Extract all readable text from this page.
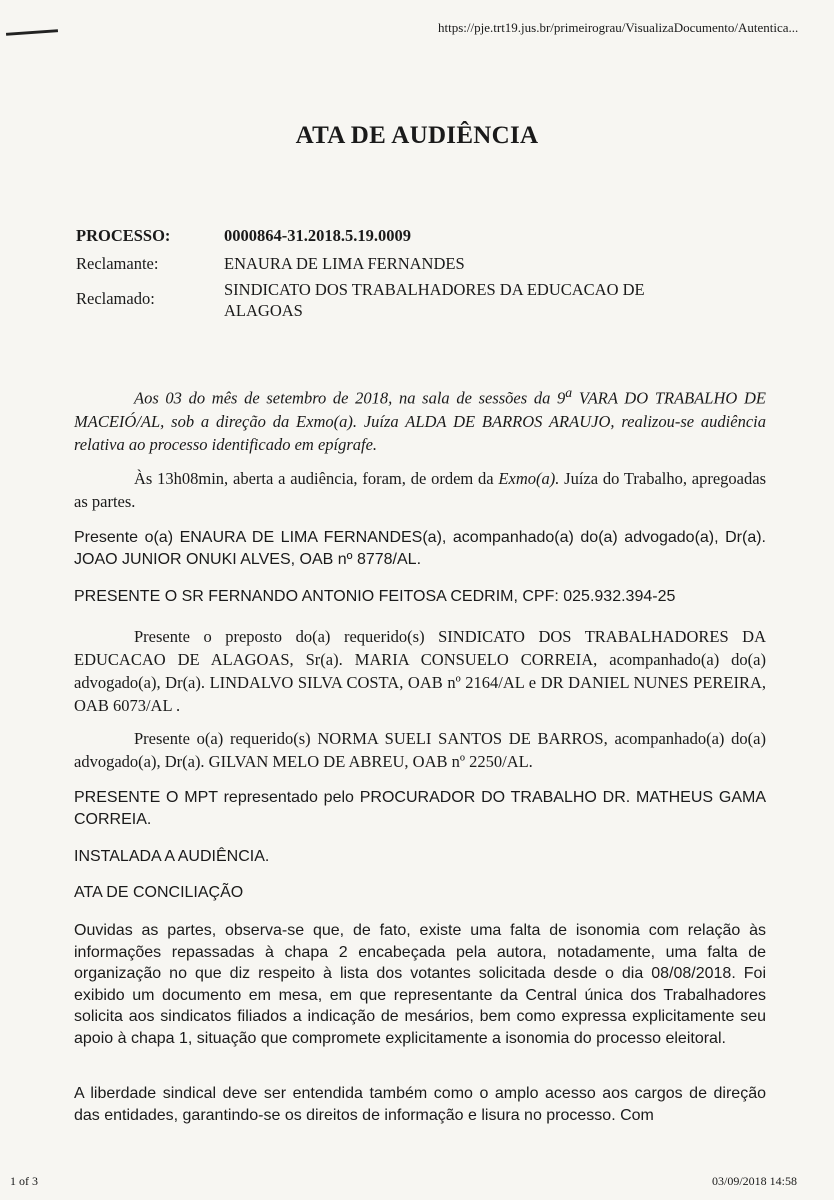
https://pje.trt19.jus.br/primeirograu/VisualizaDocumento/Autentica...
ATA DE AUDIÊNCIA
PROCESSO:	0000864-31.2018.5.19.0009
Reclamante:	ENAURA DE LIMA FERNANDES
Reclamado:	SINDICATO DOS TRABALHADORES DA EDUCACAO DE
ALAGOAS
Aos 03 do mês de setembro de 2018, na sala de sessões da 9$^a$ VARA DO TRABALHO DE MACEIÓ/AL, sob a direção da Exmo(a). Juíza ALDA DE BARROS ARAUJO, realizou-se audiência relativa ao processo identificado em epígrafe.
Às 13h08min, aberta a audiência, foram, de ordem da Exmo(a). Juíza do Trabalho, apregoadas as partes.
Presente o(a) ENAURA DE LIMA FERNANDES(a), acompanhado(a) do(a) advogado(a), Dr(a). JOAO JUNIOR ONUKI ALVES, OAB nº 8778/AL.
PRESENTE O SR FERNANDO ANTONIO FEITOSA CEDRIM, CPF: 025.932.394-25
Presente o preposto do(a) requerido(s) SINDICATO DOS TRABALHADORES DA EDUCACAO DE ALAGOAS, Sr(a). MARIA CONSUELO CORREIA, acompanhado(a) do(a) advogado(a), Dr(a). LINDALVO SILVA COSTA, OAB nº 2164/AL e DR DANIEL NUNES PEREIRA, OAB 6073/AL .
Presente o(a) requerido(s) NORMA SUELI SANTOS DE BARROS, acompanhado(a) do(a) advogado(a), Dr(a). GILVAN MELO DE ABREU, OAB nº 2250/AL.
PRESENTE O MPT representado pelo PROCURADOR DO TRABALHO DR. MATHEUS GAMA CORREIA.
INSTALADA A AUDIÊNCIA.
ATA DE CONCILIAÇÃO
Ouvidas as partes, observa-se que, de fato, existe uma falta de isonomia com relação às informações repassadas à chapa 2 encabeçada pela autora, notadamente, uma falta de organização no que diz respeito à lista dos votantes solicitada desde o dia 08/08/2018. Foi exibido um documento em mesa, em que representante da Central única dos Trabalhadores solicita aos sindicatos filiados a indicação de mesários, bem como expressa explicitamente seu apoio à chapa 1, situação que compromete explicitamente a isonomia do processo eleitoral.
A liberdade sindical deve ser entendida também como o amplo acesso aos cargos de direção das entidades, garantindo-se os direitos de informação e lisura no processo. Com
1 of 3	03/09/2018 14:58
